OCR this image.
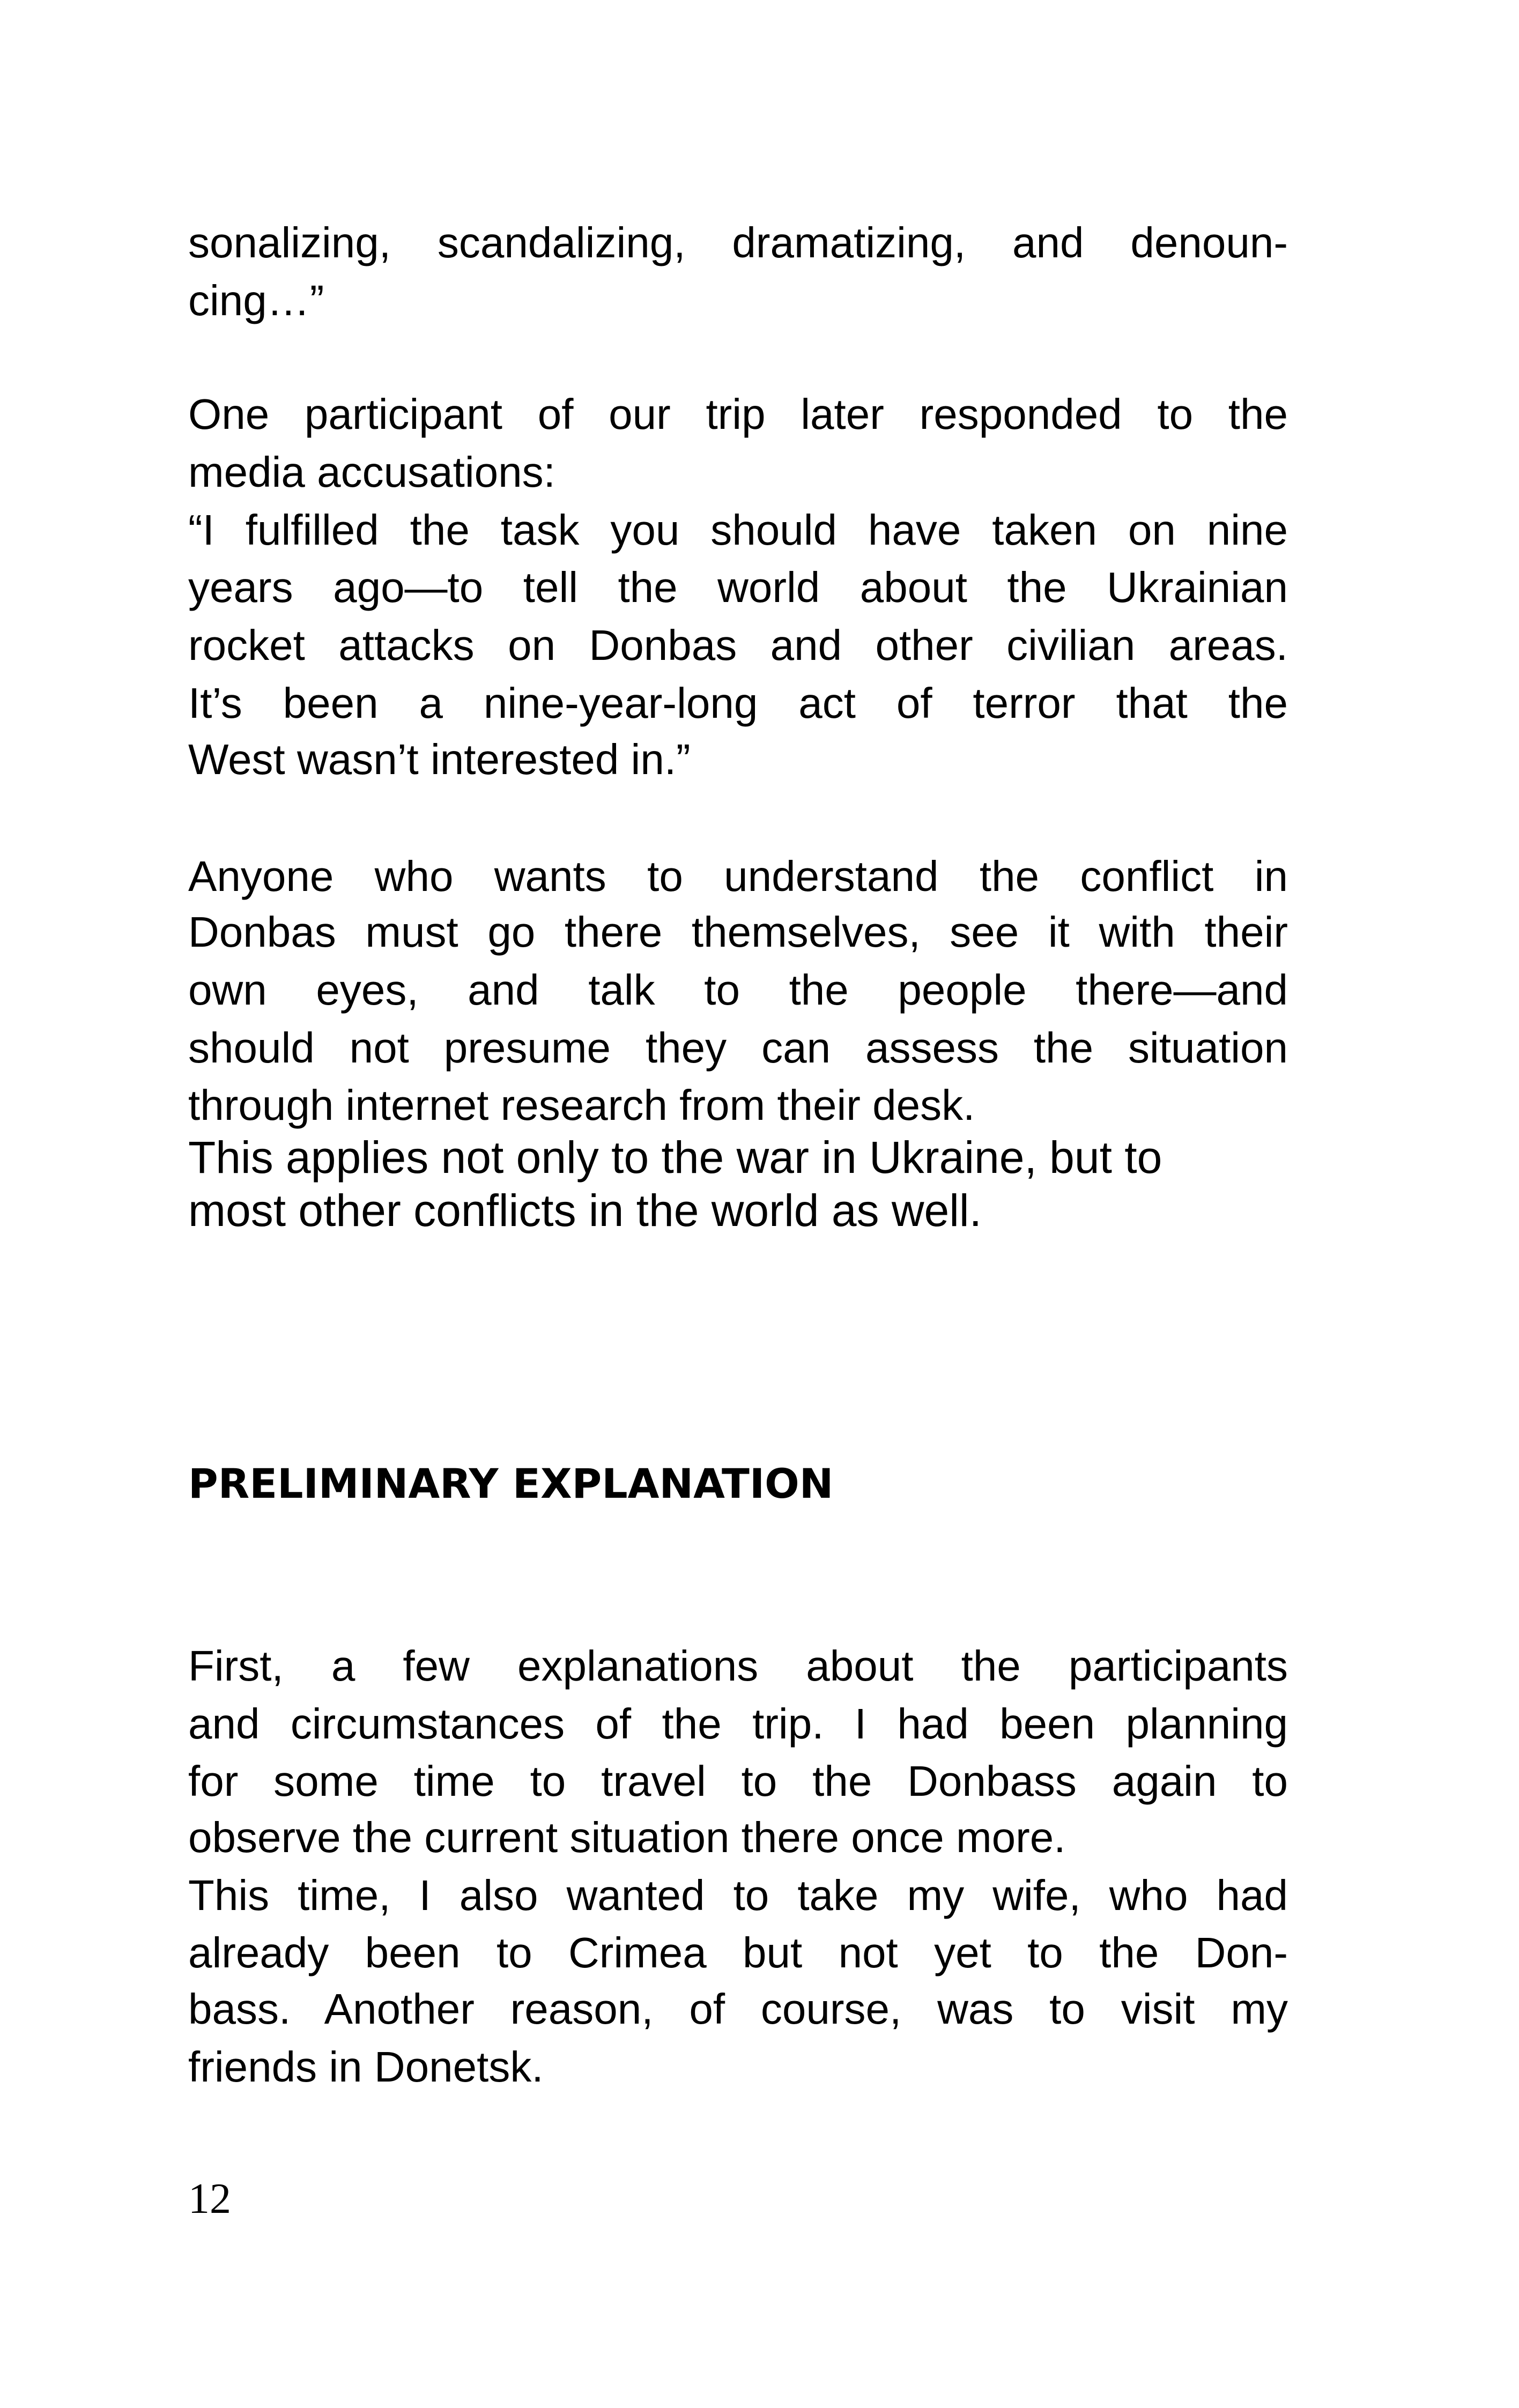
sonalizing, scandalizing, dramatizing, and denoun-
cing…”
One participant of our trip later responded to the
media accusations:
“I fulfilled the task you should have taken on nine
years ago—to tell the world about the Ukrainian
rocket attacks on Donbas and other civilian areas.
It’s been a nine-year-long act of terror that the
West wasn’t interested in.”
Anyone who wants to understand the conflict in
Donbas must go there themselves, see it with their
own eyes, and talk to the people there—and
should not presume they can assess the situation
through internet research from their desk.
This applies not only to the war in Ukraine, but to
most other conflicts in the world as well.
PRELIMINARY EXPLANATION
First, a few explanations about the participants
and circumstances of the trip. I had been planning
for some time to travel to the Donbass again to
observe the current situation there once more.
This time, I also wanted to take my wife, who had
already been to Crimea but not yet to the Don-
bass. Another reason, of course, was to visit my
friends in Donetsk.
12
